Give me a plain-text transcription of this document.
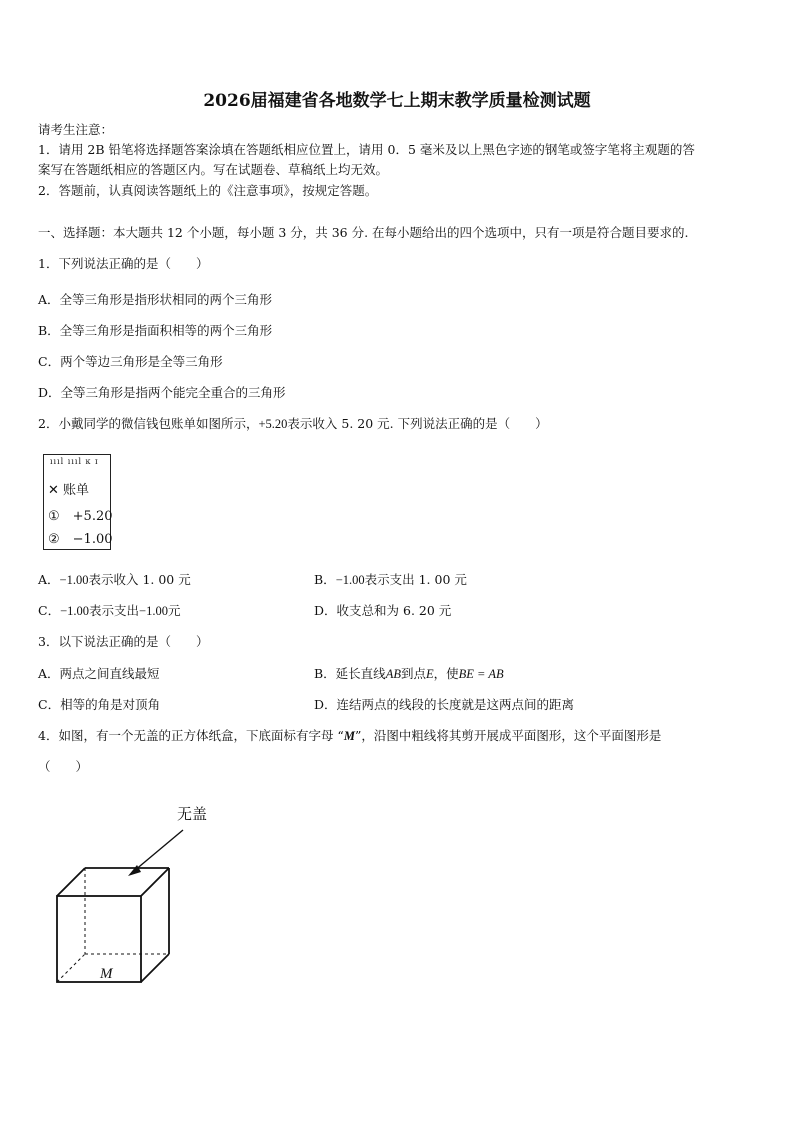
2026届福建省各地数学七上期末教学质量检测试题
请考生注意：
1．请用 2B 铅笔将选择题答案涂填在答题纸相应位置上，请用 0．5 毫米及以上黑色字迹的钢笔或签字笔将主观题的答
案写在答题纸相应的答题区内。写在试题卷、草稿纸上均无效。
2．答题前，认真阅读答题纸上的《注意事项》，按规定答题。
一、选择题：本大题共 12 个小题，每小题 3 分，共 36 分. 在每小题给出的四个选项中，只有一项是符合题目要求的.
1．下列说法正确的是（　　）
A．全等三角形是指形状相同的两个三角形
B．全等三角形是指面积相等的两个三角形
C．两个等边三角形是全等三角形
D．全等三角形是指两个能完全重合的三角形
2．小戴同学的微信钱包账单如图所示，+5.20表示收入 5. 20 元. 下列说法正确的是（　　）
ıııl ıııl ĸ ɪ
✕ 账单
①　+5.20
②　−1.00
A．−1.00表示收入 1. 00 元	B．−1.00表示支出 1. 00 元
C．−1.00表示支出−1.00元	D．收支总和为 6. 20 元
3．以下说法正确的是（　　）
A．两点之间直线最短	B．延长直线AB到点E，使BE = AB
C．相等的角是对顶角	D．连结两点的线段的长度就是这两点间的距离
4．如图，有一个无盖的正方体纸盒，下底面标有字母 “M”，沿图中粗线将其剪开展成平面图形，这个平面图形是
（　　）
无盖
M
